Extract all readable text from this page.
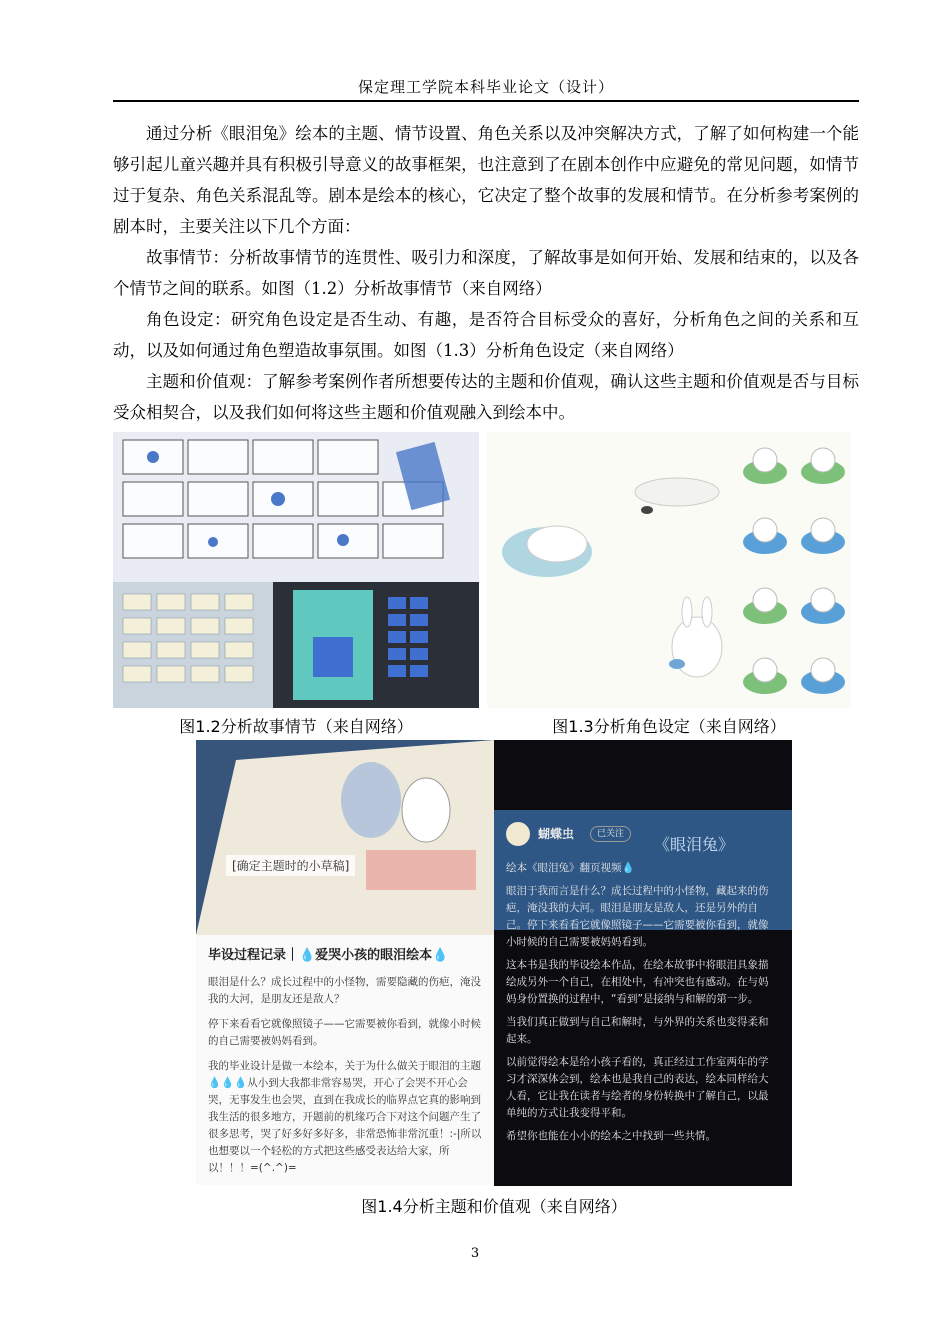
保定理工学院本科毕业论文（设计）

通过分析《眼泪兔》绘本的主题、情节设置、角色关系以及冲突解决方式，了解了如何构建一个能够引起儿童兴趣并具有积极引导意义的故事框架，也注意到了在剧本创作中应避免的常见问题，如情节过于复杂、角色关系混乱等。剧本是绘本的核心，它决定了整个故事的发展和情节。在分析参考案例的剧本时，主要关注以下几个方面：

故事情节：分析故事情节的连贯性、吸引力和深度，了解故事是如何开始、发展和结束的，以及各个情节之间的联系。如图（1.2）分析故事情节（来自网络）

角色设定：研究角色设定是否生动、有趣，是否符合目标受众的喜好，分析角色之间的关系和互动，以及如何通过角色塑造故事氛围。如图（1.3）分析角色设定（来自网络）

主题和价值观：了解参考案例作者所想要传达的主题和价值观，确认这些主题和价值观是否与目标受众相契合，以及我们如何将这些主题和价值观融入到绘本中。

图1.2分析故事情节（来自网络）	图1.3分析角色设定（来自网络）
[确定主题时的小草稿]
毕设过程记录｜💧爱哭小孩的眼泪绘本💧

眼泪是什么？成长过程中的小怪物，需要隐藏的伤疤，淹没我的大河，是朋友还是敌人？

停下来看看它就像照镜子——它需要被你看到，就像小时候的自己需要被妈妈看到。

我的毕业设计是做一本绘本，关于为什么做关于眼泪的主题💧💧💧从小到大我都非常容易哭，开心了会哭不开心会哭，无事发生也会哭，直到在我成长的临界点它真的影响到我生活的很多地方，开题前的机缘巧合下对这个问题产生了很多思考，哭了好多好多好多，非常恐怖非常沉重！:-|所以也想要以一个轻松的方式把这些感受表达给大家，所以！！！=(^.^)=

蝴蝶虫	已关注
《眼泪兔》

绘本《眼泪兔》翻页视频💧

眼泪于我而言是什么？成长过程中的小怪物，藏起来的伤疤，淹没我的大河。眼泪是朋友是敌人，还是另外的自己。停下来看看它就像照镜子——它需要被你看到，就像小时候的自己需要被妈妈看到。

这本书是我的毕设绘本作品，在绘本故事中将眼泪具象描绘成另外一个自己，在相处中，有冲突也有感动。在与妈妈身份置换的过程中，“看到”是接纳与和解的第一步。

当我们真正做到与自己和解时，与外界的关系也变得柔和起来。

以前觉得绘本是给小孩子看的，真正经过工作室两年的学习才深深体会到，绘本也是我自己的表达，绘本同样给大人看，它让我在读者与绘者的身份转换中了解自己，以最单纯的方式让我变得平和。

希望你也能在小小的绘本之中找到一些共情。

图1.4分析主题和价值观（来自网络）
3
